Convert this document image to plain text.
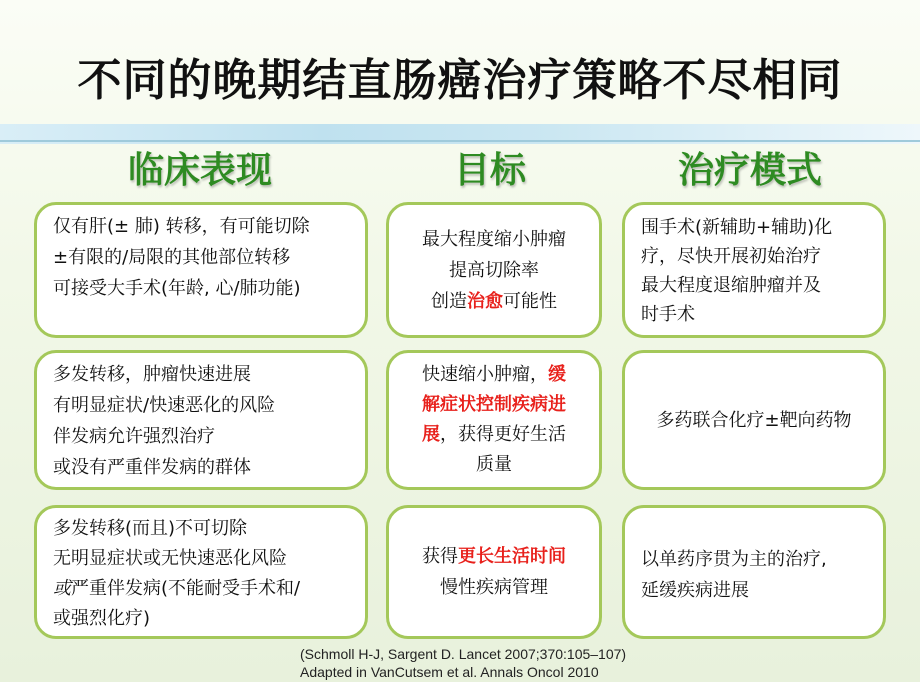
不同的晚期结直肠癌治疗策略不尽相同
临床表现	目标	治疗模式
仅有肝(± 肺) 转移，有可能切除
±有限的/局限的其他部位转移
可接受大手术(年龄, 心/肺功能)
最大程度缩小肿瘤
提高切除率
创造治愈可能性
围手术(新辅助+辅助)化
疗，尽快开展初始治疗
最大程度退缩肿瘤并及
时手术
多发转移，肿瘤快速进展
有明显症状/快速恶化的风险
伴发病允许强烈治疗
或没有严重伴发病的群体
快速缩小肿瘤，缓
解症状控制疾病进
展，获得更好生活
质量
多药联合化疗±靶向药物
多发转移(而且)不可切除
无明显症状或无快速恶化风险
或严重伴发病(不能耐受手术和/
或强烈化疗)
获得更长生活时间
慢性疾病管理
以单药序贯为主的治疗,
延缓疾病进展
(Schmoll H-J, Sargent D. Lancet 2007;370:105–107)
Adapted in VanCutsem et al. Annals Oncol 2010
